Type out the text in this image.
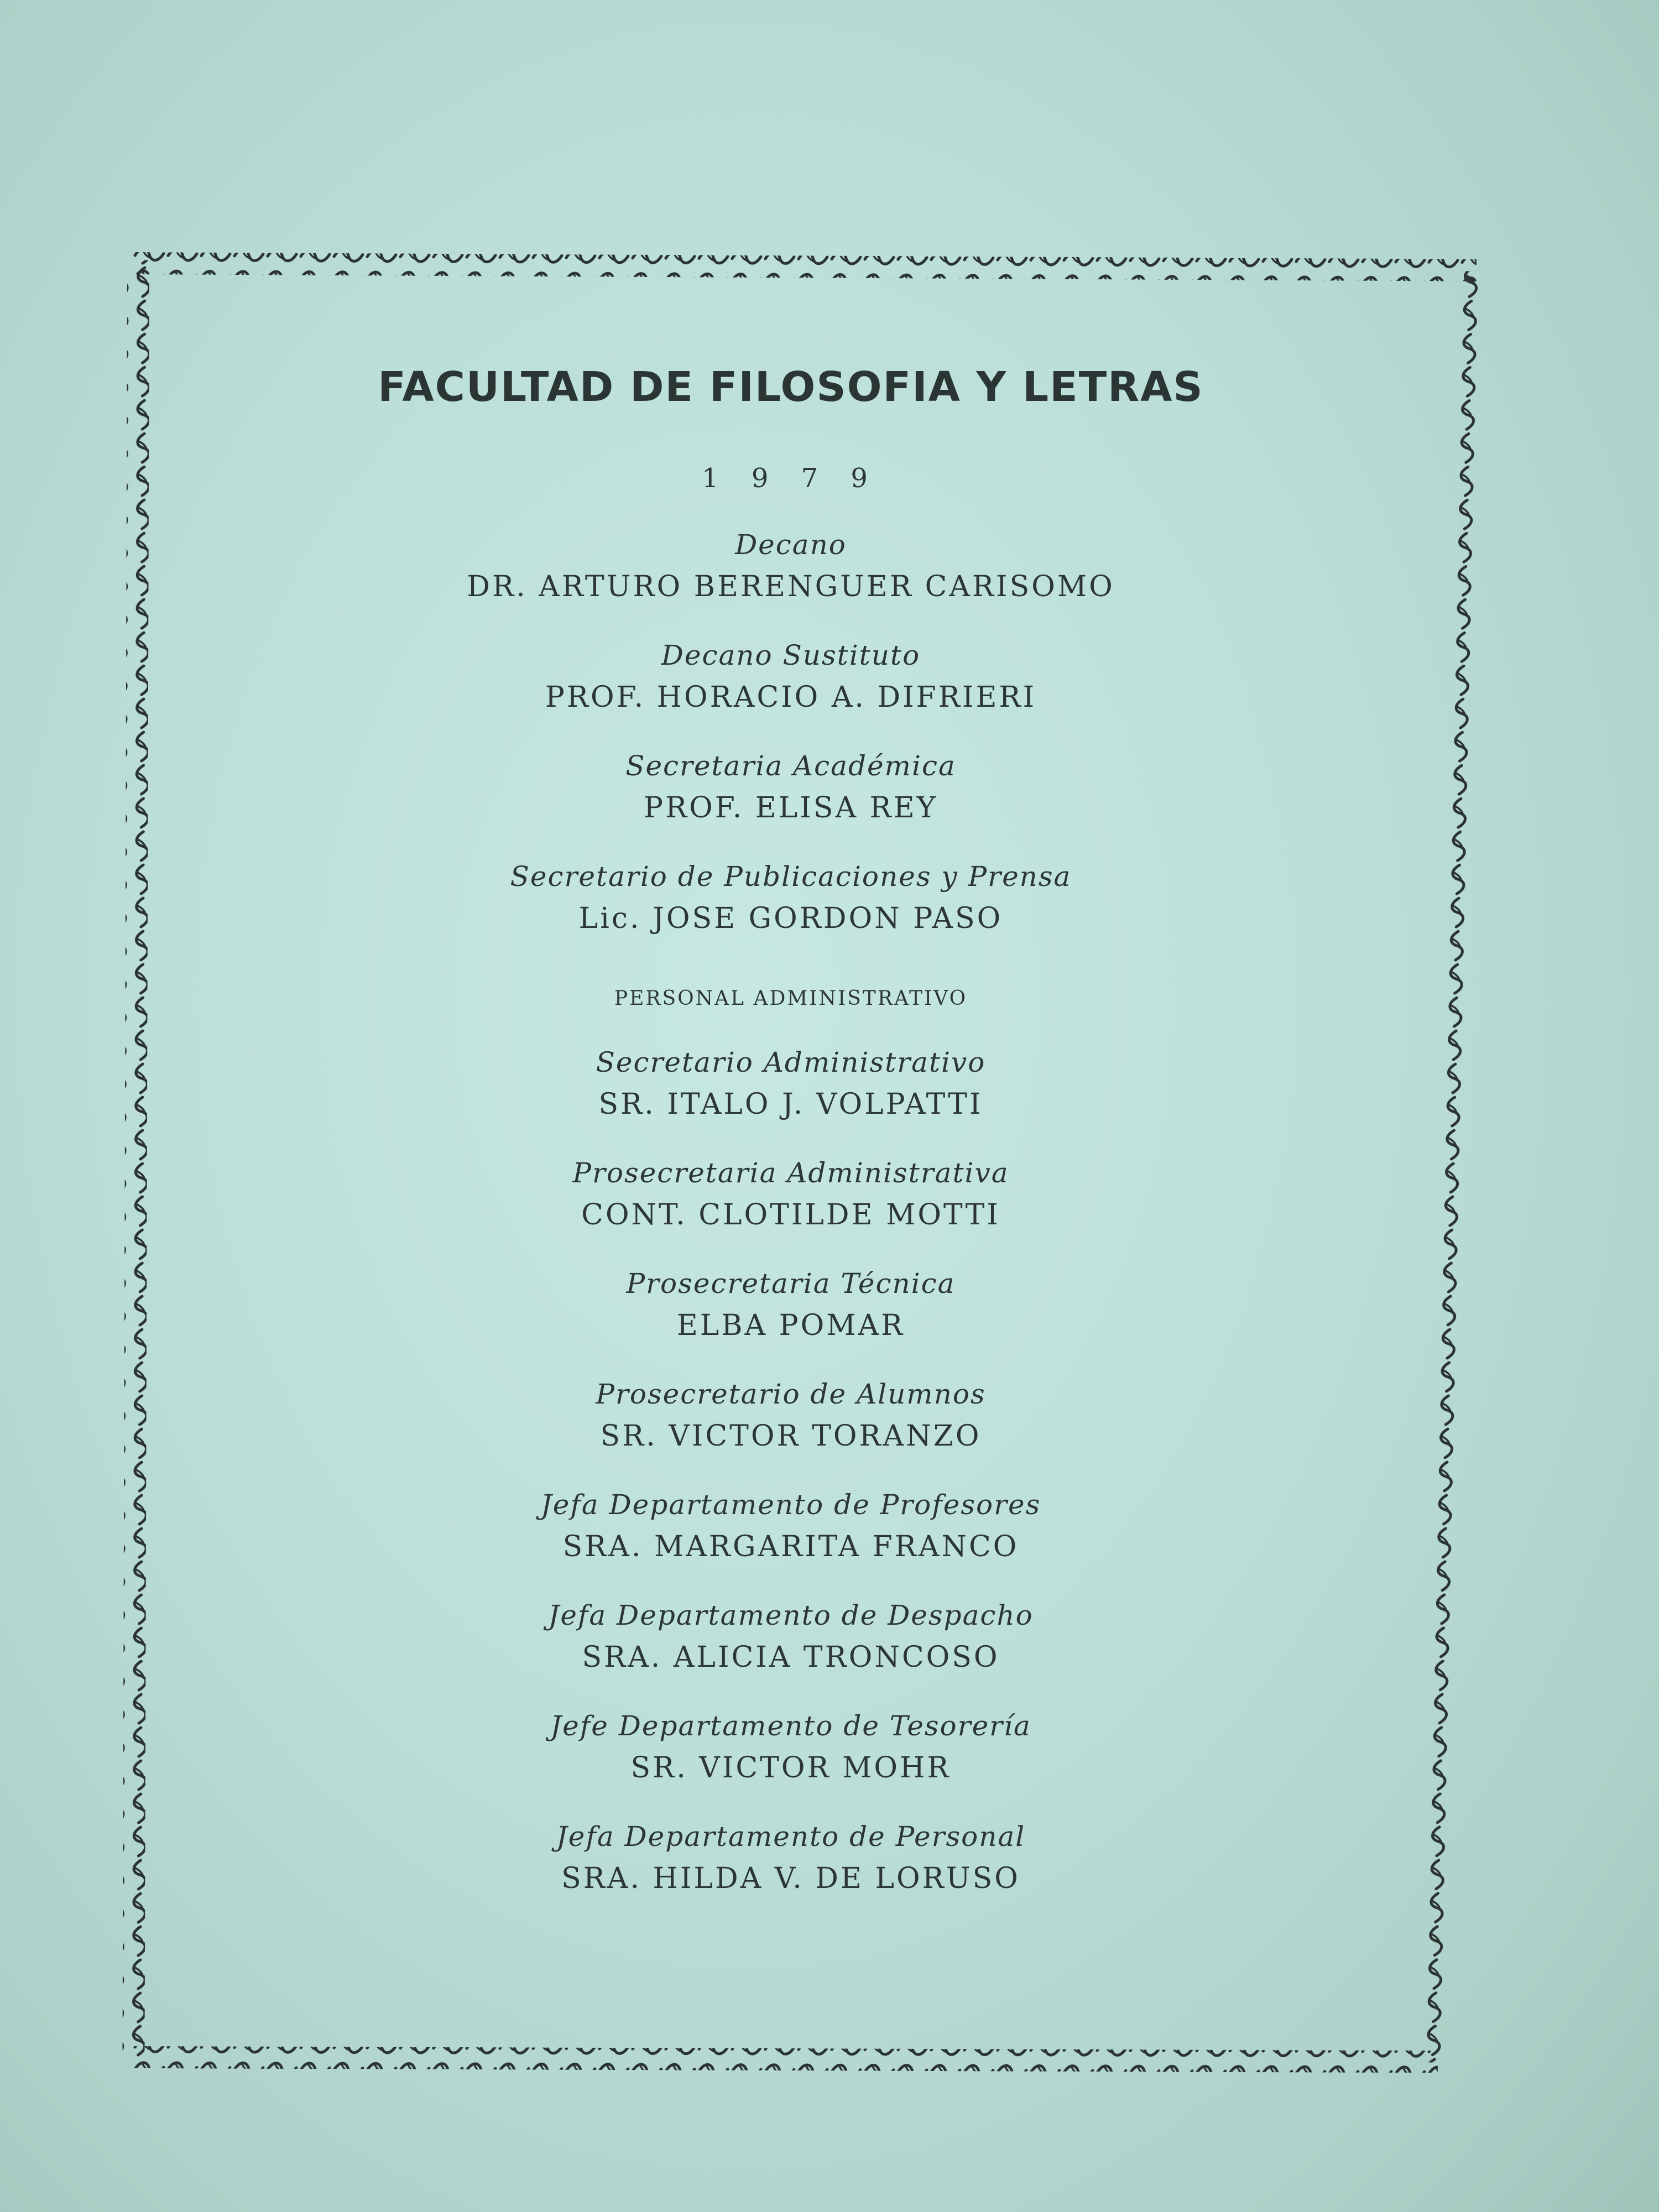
FACULTAD DE FILOSOFIA Y LETRAS
1 9 7 9
Decano
DR. ARTURO BERENGUER CARISOMO
Decano Sustituto
PROF. HORACIO A. DIFRIERI
Secretaria Académica
PROF. ELISA REY
Secretario de Publicaciones y Prensa
Lic. JOSE GORDON PASO
PERSONAL ADMINISTRATIVO
Secretario Administrativo
SR. ITALO J. VOLPATTI
Prosecretaria Administrativa
CONT. CLOTILDE MOTTI
Prosecretaria Técnica
ELBA POMAR
Prosecretario de Alumnos
SR. VICTOR TORANZO
Jefa Departamento de Profesores
SRA. MARGARITA FRANCO
Jefa Departamento de Despacho
SRA. ALICIA TRONCOSO
Jefe Departamento de Tesorería
SR. VICTOR MOHR
Jefa Departamento de Personal
SRA. HILDA V. DE LORUSO
